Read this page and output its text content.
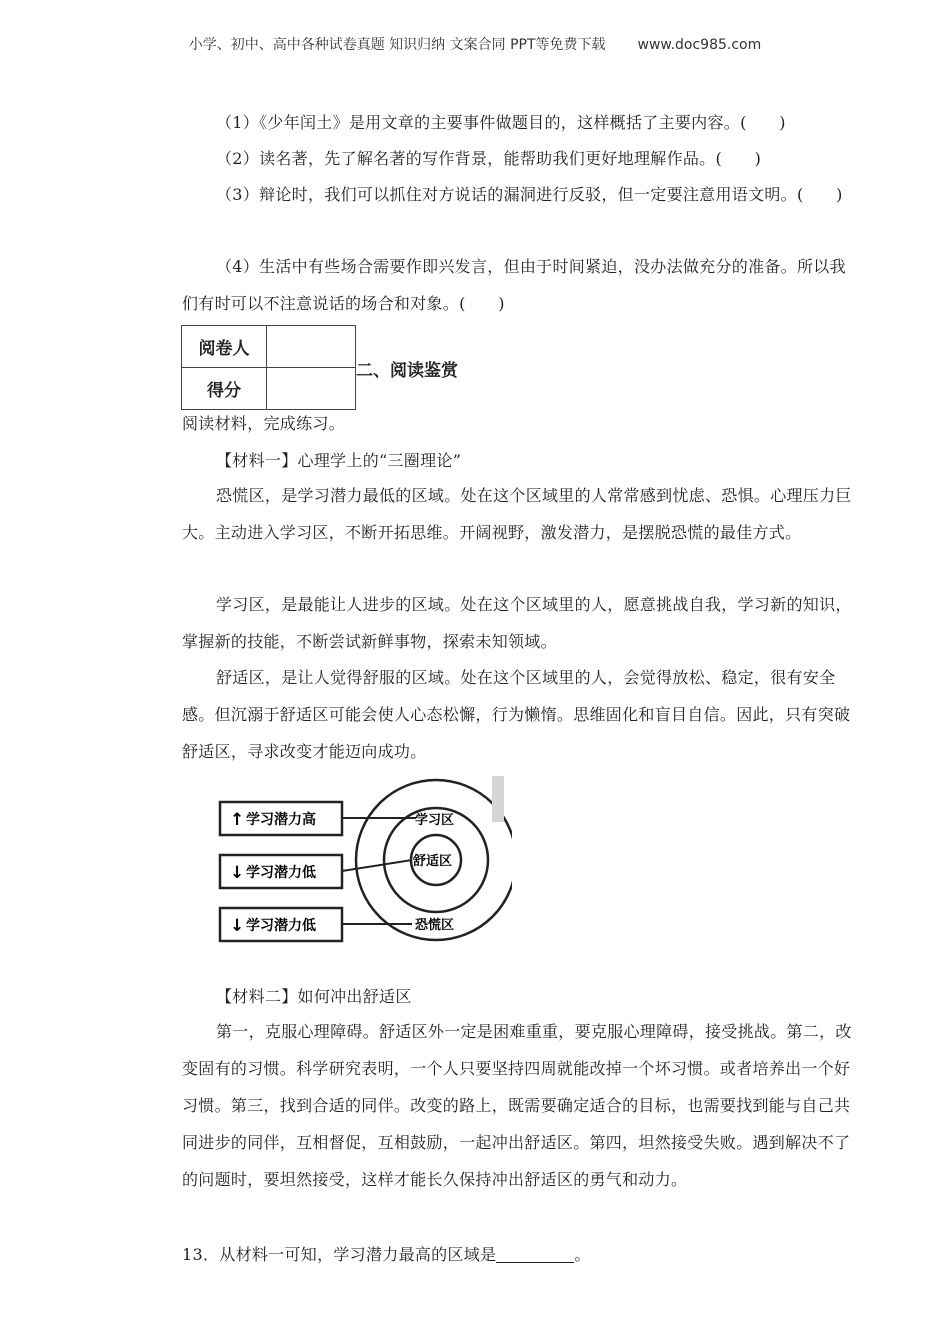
小学、初中、高中各种试卷真题 知识归纳 文案合同 PPT等免费下载 www.doc985.com

（1）《少年闰土》是用文章的主要事件做题目的，这样概括了主要内容。(　　)

（2）读名著，先了解名著的写作背景，能帮助我们更好地理解作品。(　　)

（3）辩论时，我们可以抓住对方说话的漏洞进行反驳，但一定要注意用语文明。(　　)

（4）生活中有些场合需要作即兴发言，但由于时间紧迫，没办法做充分的准备。所以我们有时可以不注意说话的场合和对象。(　　)

阅卷人	
得分	
二、阅读鉴赏

阅读材料，完成练习。

【材料一】心理学上的“三圈理论”

恐慌区，是学习潜力最低的区域。处在这个区域里的人常常感到忧虑、恐惧。心理压力巨大。主动进入学习区，不断开拓思维。开阔视野，激发潜力，是摆脱恐慌的最佳方式。

学习区，是最能让人进步的区域。处在这个区域里的人，愿意挑战自我，学习新的知识，掌握新的技能，不断尝试新鲜事物，探索未知领域。

舒适区，是让人觉得舒服的区域。处在这个区域里的人，会觉得放松、稳定，很有安全感。但沉溺于舒适区可能会使人心态松懈，行为懒惰。思维固化和盲目自信。因此，只有突破舒适区，寻求改变才能迈向成功。

↑ 学习潜力高
↓ 学习潜力低
↓ 学习潜力低
学习区
舒适区
恐慌区

【材料二】如何冲出舒适区

第一，克服心理障碍。舒适区外一定是困难重重，要克服心理障碍，接受挑战。第二，改变固有的习惯。科学研究表明，一个人只要坚持四周就能改掉一个坏习惯。或者培养出一个好习惯。第三，找到合适的同伴。改变的路上，既需要确定适合的目标，也需要找到能与自己共同进步的同伴，互相督促，互相鼓励，一起冲出舒适区。第四，坦然接受失败。遇到解决不了的问题时，要坦然接受，这样才能长久保持冲出舒适区的勇气和动力。

13．从材料一可知，学习潜力最高的区域是	。
